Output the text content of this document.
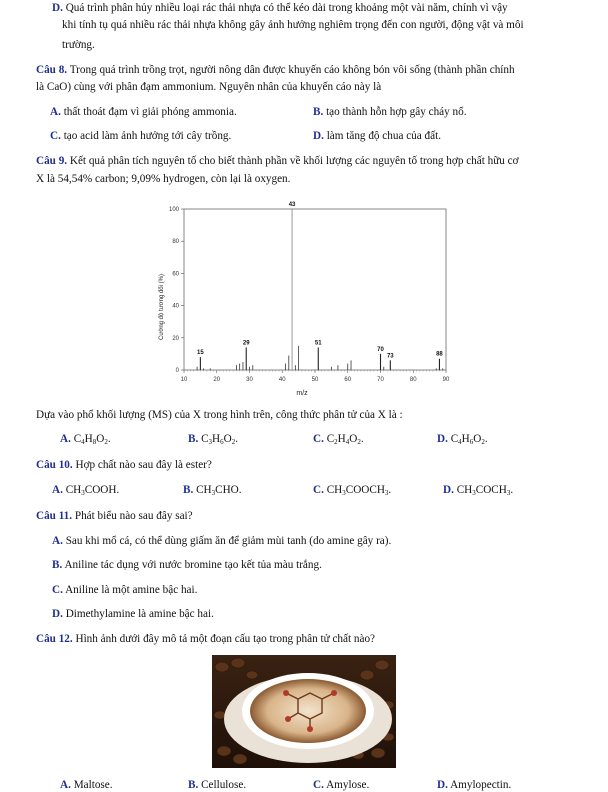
D. Quá trình phân hủy nhiều loại rác thải nhựa có thể kéo dài trong khoảng một vài năm, chính vì vậy
khi tính tụ quá nhiều rác thải nhựa không gây ảnh hưởng nghiêm trọng đến con người, động vật và môi
trường.
Câu 8. Trong quá trình trồng trọt, người nông dân được khuyến cáo không bón vôi sống (thành phần chính
là CaO) cùng với phân đạm ammonium. Nguyên nhân của khuyến cáo này là
A. thất thoát đạm vì giải phóng ammonia.	B. tạo thành hỗn hợp gây cháy nổ.
C. tạo acid làm ảnh hưởng tới cây trồng.	D. làm tăng độ chua của đất.
Câu 9. Kết quả phân tích nguyên tố cho biết thành phần về khối lượng các nguyên tố trong hợp chất hữu cơ
X là 54,54% carbon; 9,09% hydrogen, còn lại là oxygen.
0
20
40
60
80
100
10	20	30	40	50	60	70	80	90
15
29
43
51
70
73	88
m/z
Cường độ tương đối (%)
Dựa vào phổ khối lượng (MS) của X trong hình trên, công thức phân tử của X là :
A. $C_4H_8O_2$.	B. $C_3H_6O_2$.	C. $C_2H_4O_2$.	D. $C_4H_6O_2$.
Câu 10. Hợp chất nào sau đây là ester?
A. $CH_3COOH$.	B. $CH_3CHO$.	C. $CH_3COOCH_3$.	D. $CH_3COCH_3$.
Câu 11. Phát biểu nào sau đây sai?
A. Sau khi mổ cá, có thể dùng giấm ăn để giảm mùi tanh (do amine gây ra).
B. Aniline tác dụng với nước bromine tạo kết tủa màu trắng.
C. Aniline là một amine bậc hai.
D. Dimethylamine là amine bậc hai.
Câu 12. Hình ảnh dưới đây mô tả một đoạn cấu tạo trong phân tử chất nào?
A. Maltose.	B. Cellulose.	C. Amylose.	D. Amylopectin.
